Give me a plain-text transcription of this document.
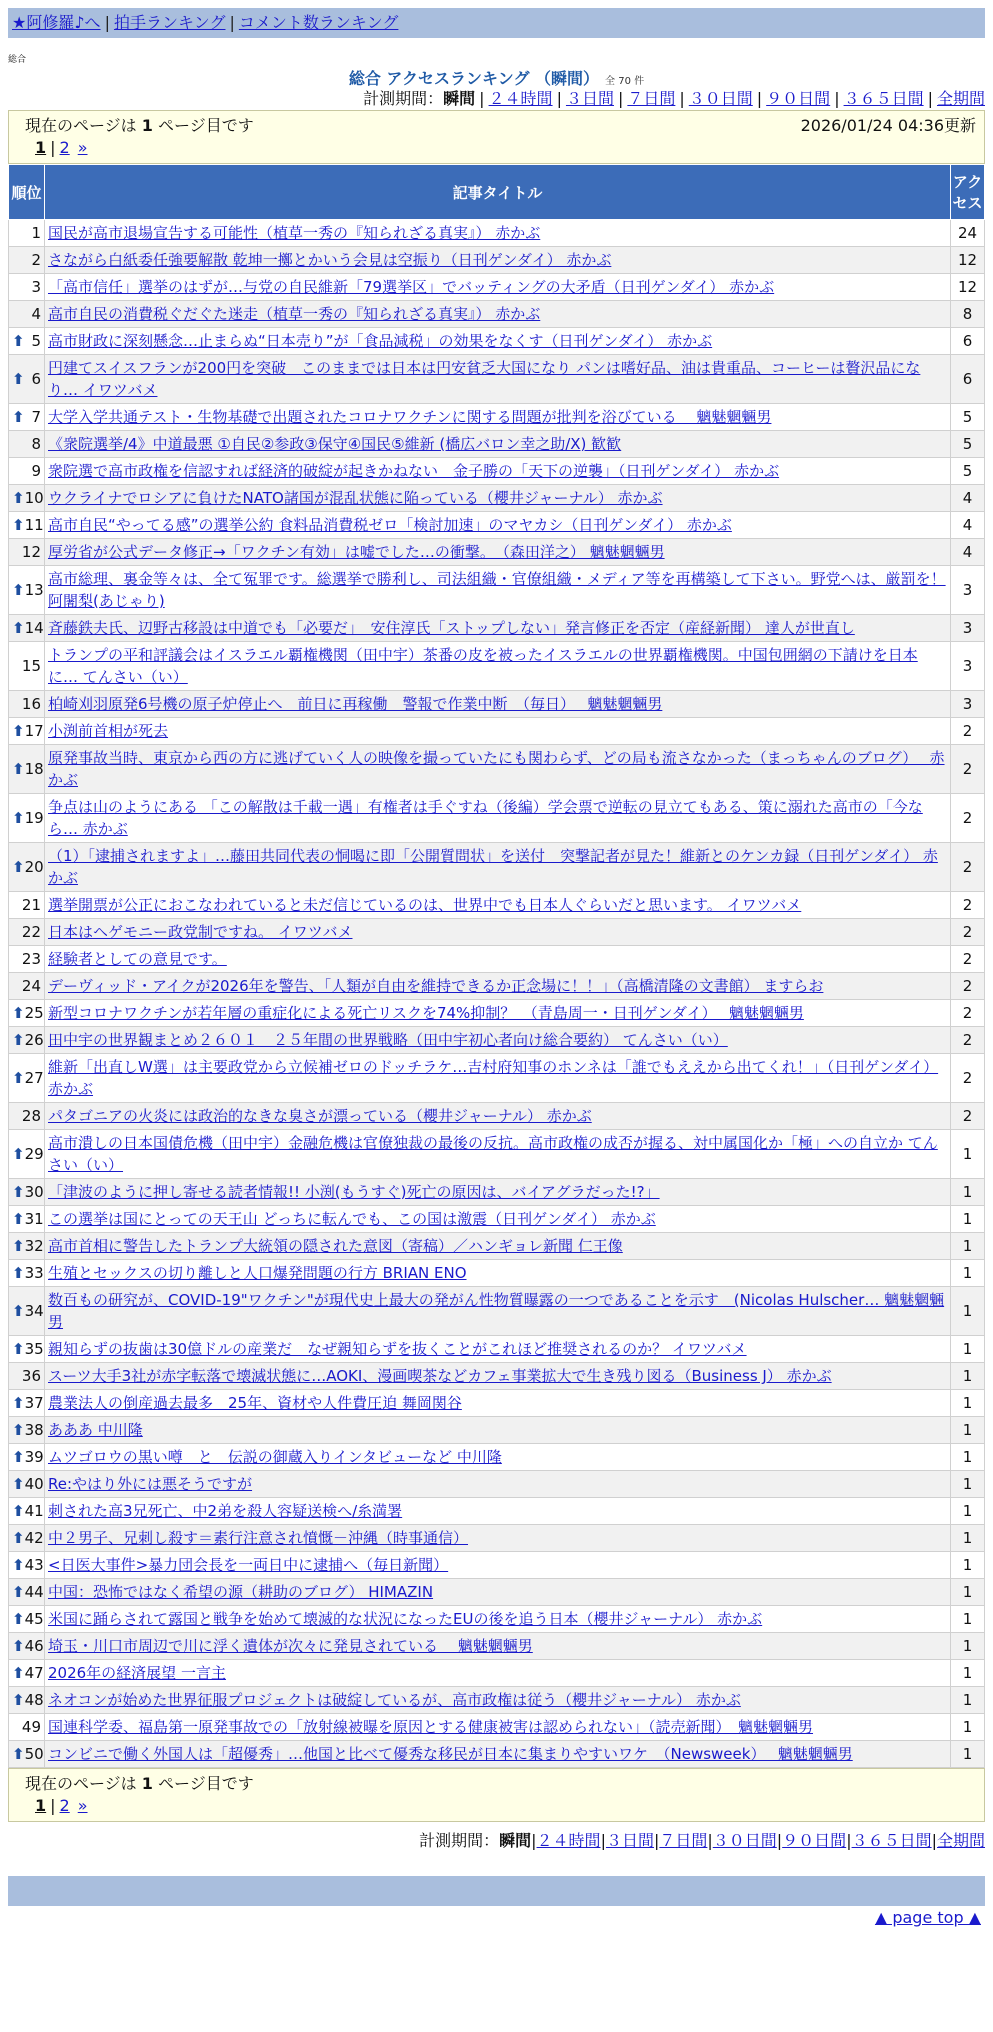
★阿修羅♪へ | 拍手ランキング | コメント数ランキング
総合
総合 アクセスランキング （瞬間） 全 70 件
計測期間：瞬間 | ２４時間 | ３日間 | ７日間 | ３０日間 | ９０日間 | ３６５日間 | 全期間
現在のページは 1 ページ目です	2026/01/24 04:36更新
1 | 2 »
順位	記事タイトル	アクセス
1	国民が高市退場宣告する可能性（植草一秀の『知られざる真実』） 赤かぶ	24
2	さながら白紙委任強要解散 乾坤一擲とかいう会見は空振り（日刊ゲンダイ） 赤かぶ	12
3	「高市信任」選挙のはずが…与党の自民維新「79選挙区」でバッティングの大矛盾（日刊ゲンダイ） 赤かぶ	12
4	高市自民の消費税ぐだぐた迷走（植草一秀の『知られざる真実』） 赤かぶ	8

⬆ 5	高市財政に深刻懸念…止まらぬ“日本売り”が「食品減税」の効果をなくす（日刊ゲンダイ） 赤かぶ	6

⬆ 6	円建てスイスフランが200円を突破　このままでは日本は円安貧乏大国になり パンは嗜好品、油は貴重品、コーヒーは贅沢品になり… イワツバメ	6

⬆ 7	大学入学共通テスト・生物基礎で出題されたコロナワクチンに関する問題が批判を浴びている　 魑魅魍魎男	5
8	《衆院選挙/4》中道最悪 ①自民②参政③保守④国民⑤維新 (橋広バロン幸之助/X) 歓歓	5
9	衆院選で高市政権を信認すれば経済的破綻が起きかねない　金子勝の「天下の逆襲」（日刊ゲンダイ） 赤かぶ	5

⬆ 10	ウクライナでロシアに負けたNATO諸国が混乱状態に陥っている（櫻井ジャーナル） 赤かぶ	4

⬆ 11	高市自民“やってる感”の選挙公約 食料品消費税ゼロ「検討加速」のマヤカシ（日刊ゲンダイ） 赤かぶ	4
12	厚労省が公式データ修正→「ワクチン有効」は嘘でした…の衝撃。　（森田洋之） 魑魅魍魎男	4

⬆ 13	高市総理、裏金等々は、全て冤罪です。総選挙で勝利し、司法組織・官僚組織・メディア等を再構築して下さい。野党へは、厳罰を！ 阿闍梨(あじゃり)	3

⬆ 14	斉藤鉄夫氏、辺野古移設は中道でも「必要だ」　安住淳氏「ストップしない」発言修正を否定（産経新聞） 達人が世直し	3
15	トランプの平和評議会はイスラエル覇権機関（田中宇）茶番の皮を被ったイスラエルの世界覇権機関。中国包囲網の下請けを日本に… てんさい（い）	3
16	柏崎刈羽原発6号機の原子炉停止へ　前日に再稼働　警報で作業中断　（毎日）　 魑魅魍魎男	3

⬆ 17	小渕前首相が死去	2

⬆ 18	原発事故当時、東京から西の方に逃げていく人の映像を撮っていたにも関わらず、どの局も流さなかった（まっちゃんのブログ）　 赤かぶ	2

⬆ 19	争点は山のようにある 「この解散は千載一遇」有権者は手ぐすね（後編）学会票で逆転の見立てもある、策に溺れた高市の「今なら… 赤かぶ	2

⬆ 20	（1）「逮捕されますよ」…藤田共同代表の恫喝に即「公開質問状」を送付　突撃記者が見た！維新とのケンカ録（日刊ゲンダイ） 赤かぶ	2
21	選挙開票が公正におこなわれていると未だ信じているのは、世界中でも日本人ぐらいだと思います。 イワツバメ	2
22	日本はヘゲモニー政党制ですね。 イワツバメ	2
23	経験者としての意見です。	2
24	デーヴィッド・アイクが2026年を警告、「人類が自由を維持できるか正念場に！！」（高橋清隆の文書館） ますらお	2

⬆ 25	新型コロナワクチンが若年層の重症化による死亡リスクを74%抑制？　（青島周一・日刊ゲンダイ）　 魑魅魍魎男	2

⬆ 26	田中宇の世界観まとめ２６０１　２５年間の世界戦略（田中宇初心者向け総合要約） てんさい（い）	2

⬆ 27	維新「出直しW選」は主要政党から立候補ゼロのドッチラケ…吉村府知事のホンネは「誰でもええから出てくれ！」（日刊ゲンダイ） 赤かぶ	2
28	パタゴニアの火炎には政治的なきな臭さが漂っている（櫻井ジャーナル） 赤かぶ	2

⬆ 29	高市潰しの日本国債危機（田中宇）金融危機は官僚独裁の最後の反抗。高市政権の成否が握る、対中属国化か「極」への自立か てんさい（い）	1

⬆ 30	「津波のように押し寄せる読者情報!! 小渕(もうすぐ)死亡の原因は、バイアグラだった!?」	1

⬆ 31	この選挙は国にとっての天王山 どっちに転んでも、この国は激震（日刊ゲンダイ） 赤かぶ	1

⬆ 32	高市首相に警告したトランプ大統領の隠された意図（寄稿）／ハンギョレ新聞 仁王像	1

⬆ 33	生殖とセックスの切り離しと人口爆発問題の行方 BRIAN ENO	1

⬆ 34	数百もの研究が、COVID-19"ワクチン"が現代史上最大の発がん性物質曝露の一つであることを示す　(Nicolas Hulscher… 魑魅魍魎男	1

⬆ 35	親知らずの抜歯は30億ドルの産業だ　なぜ親知らずを抜くことがこれほど推奨されるのか？ イワツバメ	1
36	スーツ大手3社が赤字転落で壊滅状態に…AOKI、漫画喫茶などカフェ事業拡大で生き残り図る（Business J） 赤かぶ	1

⬆ 37	農業法人の倒産過去最多　25年、資材や人件費圧迫 舞岡関谷	1

⬆ 38	あああ 中川隆	1

⬆ 39	ムツゴロウの黒い噂　と　伝説の御蔵入りインタビューなど 中川隆	1

⬆ 40	Re:やはり外には悪そうですが	1

⬆ 41	刺された高3兄死亡、中2弟を殺人容疑送検へ/糸満署	1

⬆ 42	中２男子、兄刺し殺す＝素行注意され憤慨－沖縄（時事通信）	1

⬆ 43	<日医大事件>暴力団会長を一両日中に逮捕へ（毎日新聞）	1

⬆ 44	中国：恐怖ではなく希望の源（耕助のブログ） HIMAZIN	1

⬆ 45	米国に踊らされて露国と戦争を始めて壊滅的な状況になったEUの後を追う日本（櫻井ジャーナル） 赤かぶ	1

⬆ 46	埼玉・川口市周辺で川に浮く遺体が次々に発見されている　 魑魅魍魎男	1

⬆ 47	2026年の経済展望 一言主	1

⬆ 48	ネオコンが始めた世界征服プロジェクトは破綻しているが、高市政権は従う（櫻井ジャーナル） 赤かぶ	1
49	国連科学委、福島第一原発事故での「放射線被曝を原因とする健康被害は認められない」（読売新聞）　魑魅魍魎男	1

⬆ 50	コンビニで働く外国人は「超優秀」…他国と比べて優秀な移民が日本に集まりやすいワケ　（Newsweek）　 魑魅魍魎男	1
現在のページは 1 ページ目です
1 | 2 »
計測期間：瞬間|２４時間|３日間|７日間|３０日間|９０日間|３６５日間|全期間
▲ page top ▲
